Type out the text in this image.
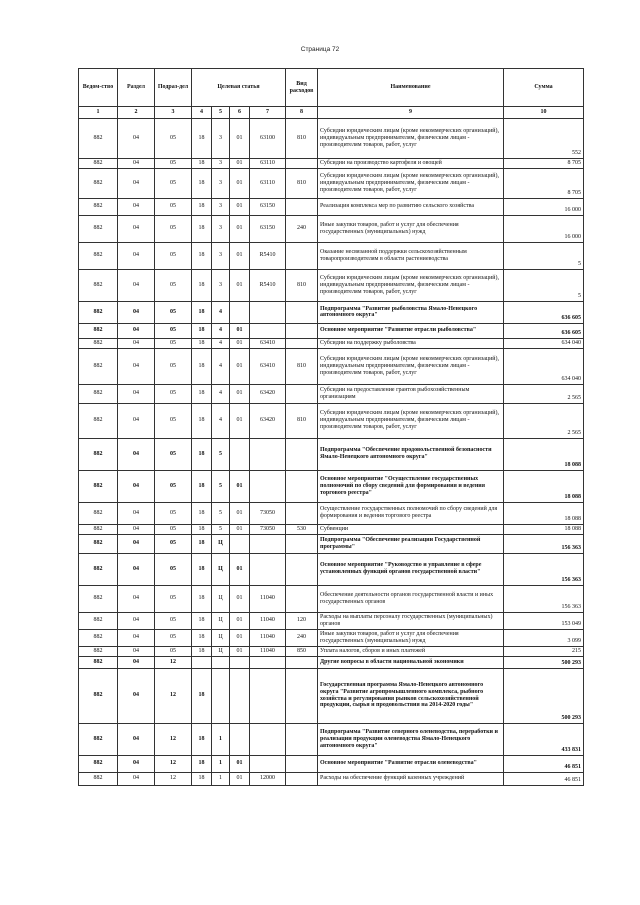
Страница 72
Ведом-ство	Раздел	Подраз-дел	Целевая статья				Вид расходов	Наименование	Сумма
1	2	3	4	5	6	7	8	9	10
882	04	05	18	3	01	63100	810	Субсидии юридическим лицам (кроме некоммерческих организаций), индивидуальным предпринимателям, физическим лицам - производителям товаров, работ, услуг	552
882	04	05	18	3	01	63110		Субсидии на производство картофеля и овощей	8 705
882	04	05	18	3	01	63110	810	Субсидии юридическим лицам (кроме некоммерческих организаций), индивидуальным предпринимателям, физическим лицам - производителям товаров, работ, услуг	8 705
882	04	05	18	3	01	63150		Реализация комплекса мер по развитию сельского хозяйства	16 000
882	04	05	18	3	01	63150	240	Иные закупки товаров, работ и услуг для обеспечения государственных (муниципальных) нужд	16 000
882	04	05	18	3	01	R5410		Оказание несвязанной поддержки сельскохозяйственным товаропроизводителям в области растениеводства	5
882	04	05	18	3	01	R5410	810	Субсидии юридическим лицам (кроме некоммерческих организаций), индивидуальным предпринимателям, физическим лицам - производителям товаров, работ, услуг	5
882	04	05	18	4				Подпрограмма "Развитие рыболовства Ямало-Ненецкого автономного округа"	636 605
882	04	05	18	4	01			Основное мероприятие "Развитие отрасли рыболовства"	636 605
882	04	05	18	4	01	63410		Субсидии на поддержку рыболовства	634 040
882	04	05	18	4	01	63410	810	Субсидии юридическим лицам (кроме некоммерческих организаций), индивидуальным предпринимателям, физическим лицам - производителям товаров, работ, услуг	634 040
882	04	05	18	4	01	63420		Субсидии на предоставление грантов рыбохозяйственным организациям	2 565
882	04	05	18	4	01	63420	810	Субсидии юридическим лицам (кроме некоммерческих организаций), индивидуальным предпринимателям, физическим лицам - производителям товаров, работ, услуг	2 565
882	04	05	18	5				Подпрограмма "Обеспечение продовольственной безопасности Ямало-Ненецкого автономного округа"	18 088
882	04	05	18	5	01			Основное мероприятие "Осуществление государственных полномочий по сбору сведений для формирования и ведения торгового реестра"	18 088
882	04	05	18	5	01	73050		Осуществление государственных полномочий по сбору сведений для формирования и ведения торгового реестра	18 088
882	04	05	18	5	01	73050	530	Субвенции	18 088
882	04	05	18	Ц				Подпрограмма "Обеспечение реализации Государственной программы"	156 363
882	04	05	18	Ц	01			Основное мероприятие "Руководство и управление в сфере установленных функций органов государственной власти"	156 363
882	04	05	18	Ц	01	11040		Обеспечение деятельности органов государственной власти и иных государственных органов	156 363
882	04	05	18	Ц	01	11040	120	Расходы на выплаты персоналу государственных (муниципальных) органов	153 049
882	04	05	18	Ц	01	11040	240	Иные закупки товаров, работ и услуг для обеспечения государственных (муниципальных) нужд	3 099
882	04	05	18	Ц	01	11040	850	Уплата налогов, сборов и иных платежей	215
882	04	12						Другие вопросы в области национальной экономики	500 293
882	04	12	18					Государственная программа Ямало-Ненецкого автономного округа "Развитие агропромышленного комплекса, рыбного хозяйства и регулирования рынков сельскохозяйственной продукции, сырья и продовольствия на 2014-2020 годы"	500 293
882	04	12	18	1				Подпрограмма "Развитие северного оленеводства, переработки и реализации продукции оленеводства Ямало-Ненецкого автономного округа"	433 831
882	04	12	18	1	01			Основное мероприятие "Развитие отрасли оленеводства"	46 851
882	04	12	18	1	01	12000		Расходы на обеспечение функций казенных учреждений	46 851
